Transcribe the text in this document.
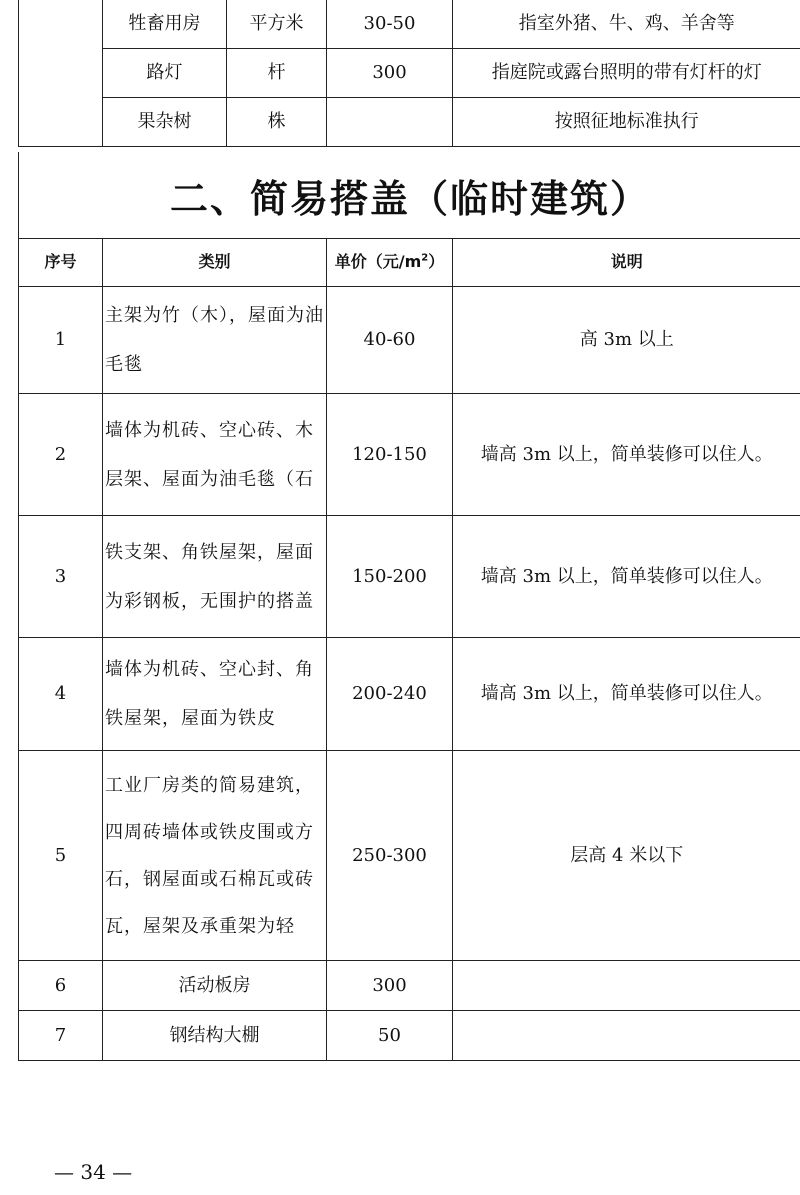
	牲畜用房	平方米	30-50	指室外猪、牛、鸡、羊舍等
	路灯	杆	300	指庭院或露台照明的带有灯杆的灯
	果杂树	株		按照征地标准执行
二、简易搭盖（临时建筑）
序号	类别	单价（元$/m^2$）	说明
1	主架为竹（木），屋面为油毛毯	40-60	高 3m 以上
2	墙体为机砖、空心砖、木层架、屋面为油毛毯（石	120-150	墙高 3m 以上，简单装修可以住人。
3	铁支架、角铁屋架，屋面为彩钢板，无围护的搭盖	150-200	墙高 3m 以上，简单装修可以住人。
4	墙体为机砖、空心封、角铁屋架，屋面为铁皮	200-240	墙高 3m 以上，简单装修可以住人。
5	工业厂房类的简易建筑，四周砖墙体或铁皮围或方石，钢屋面或石棉瓦或砖瓦，屋架及承重架为轻	250-300	层高 4 米以下
6	活动板房	300	
7	钢结构大棚	50	
— 34 —
